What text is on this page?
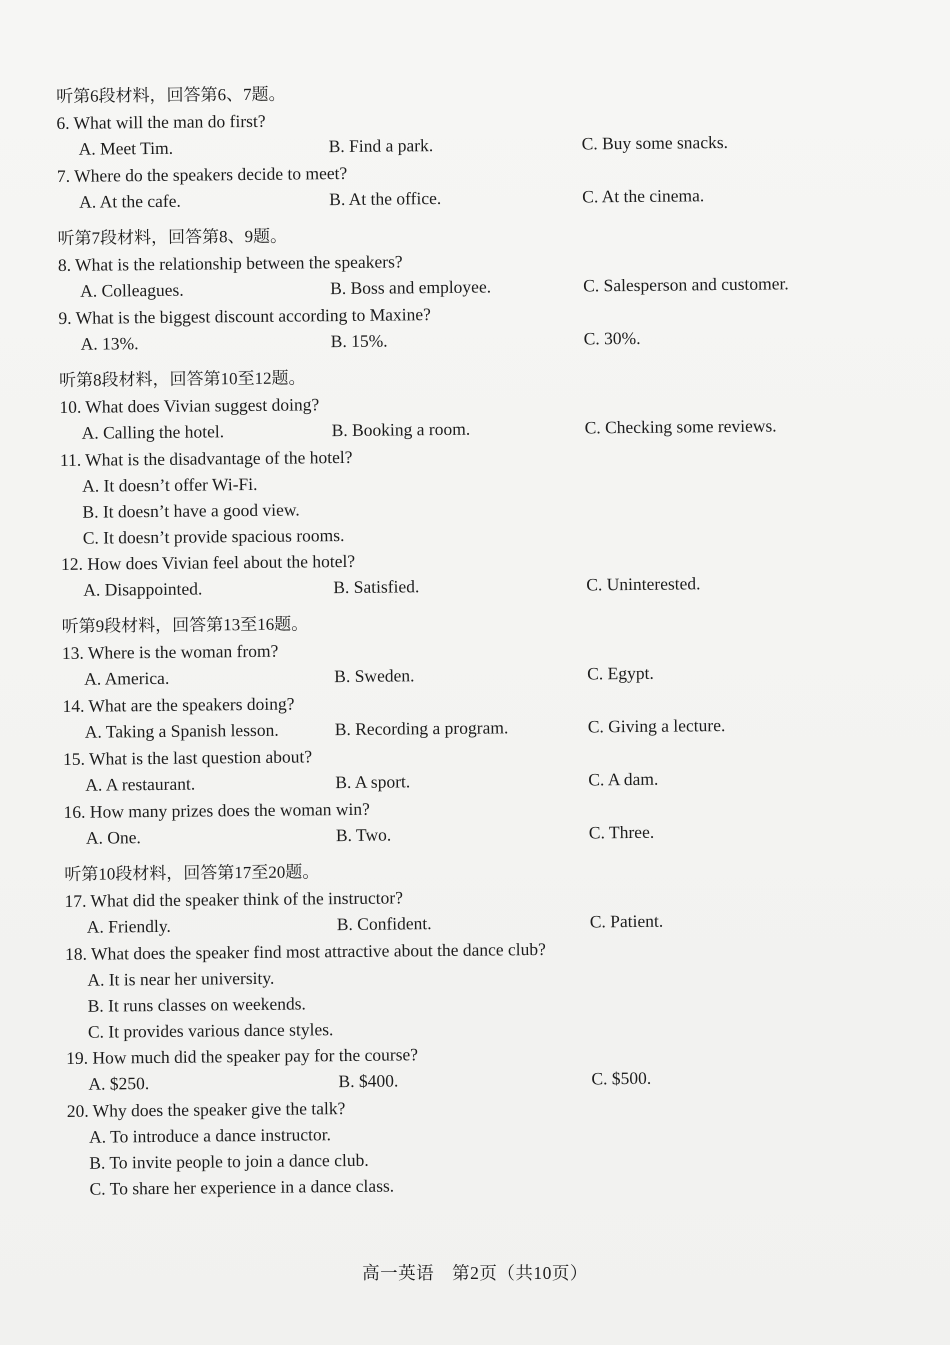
听第6段材料，回答第6、7题。
6. What will the man do first?
A. Meet Tim.	B. Find a park.	C. Buy some snacks.
7. Where do the speakers decide to meet?
A. At the cafe.	B. At the office.	C. At the cinema.
听第7段材料，回答第8、9题。
8. What is the relationship between the speakers?
A. Colleagues.	B. Boss and employee.	C. Salesperson and customer.
9. What is the biggest discount according to Maxine?
A. 13%.	B. 15%.	C. 30%.
听第8段材料，回答第10至12题。
10. What does Vivian suggest doing?
A. Calling the hotel.	B. Booking a room.	C. Checking some reviews.
11. What is the disadvantage of the hotel?
A. It doesn’t offer Wi-Fi.
B. It doesn’t have a good view.
C. It doesn’t provide spacious rooms.
12. How does Vivian feel about the hotel?
A. Disappointed.	B. Satisfied.	C. Uninterested.
听第9段材料，回答第13至16题。
13. Where is the woman from?
A. America.	B. Sweden.	C. Egypt.
14. What are the speakers doing?
A. Taking a Spanish lesson.	B. Recording a program.	C. Giving a lecture.
15. What is the last question about?
A. A restaurant.	B. A sport.	C. A dam.
16. How many prizes does the woman win?
A. One.	B. Two.	C. Three.
听第10段材料，回答第17至20题。
17. What did the speaker think of the instructor?
A. Friendly.	B. Confident.	C. Patient.
18. What does the speaker find most attractive about the dance club?
A. It is near her university.
B. It runs classes on weekends.
C. It provides various dance styles.
19. How much did the speaker pay for the course?
A. $250.	B. $400.	C. $500.
20. Why does the speaker give the talk?
A. To introduce a dance instructor.
B. To invite people to join a dance club.
C. To share her experience in a dance class.
高一英语　第2页（共10页）
